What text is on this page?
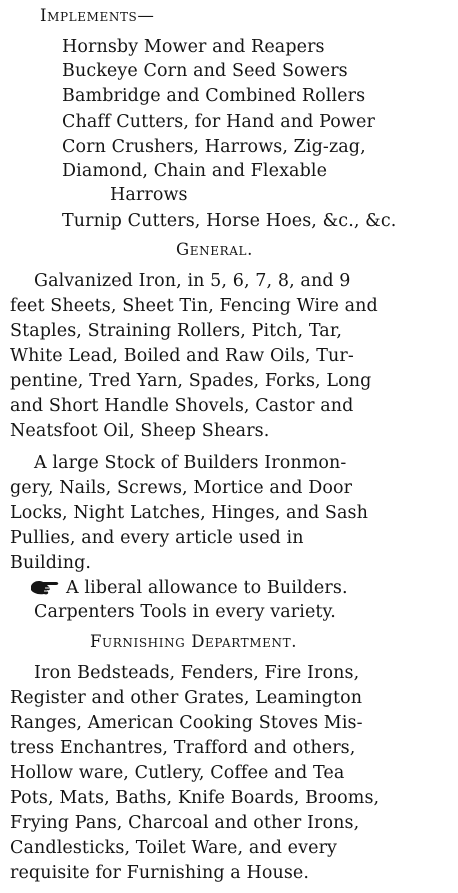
Implements—
Hornsby Mower and Reapers
Buckeye Corn and Seed Sowers
Bambridge and Combined Rollers
Chaff Cutters, for Hand and Power
Corn Crushers, Harrows, Zig-zag,
Diamond, Chain and Flexable
Harrows
Turnip Cutters, Horse Hoes, &c., &c.
General.
Galvanized Iron, in 5, 6, 7, 8, and 9
feet Sheets, Sheet Tin, Fencing Wire and
Staples, Straining Rollers, Pitch, Tar,
White Lead, Boiled and Raw Oils, Tur-
pentine, Tred Yarn, Spades, Forks, Long
and Short Handle Shovels, Castor and
Neatsfoot Oil, Sheep Shears.
A large Stock of Builders Ironmon-
gery, Nails, Screws, Mortice and Door
Locks, Night Latches, Hinges, and Sash
Pullies, and every article used in
Building.
A liberal allowance to Builders.
Carpenters Tools in every variety.
Furnishing Department.
Iron Bedsteads, Fenders, Fire Irons,
Register and other Grates, Leamington
Ranges, American Cooking Stoves Mis-
tress Enchantres, Trafford and others,
Hollow ware, Cutlery, Coffee and Tea
Pots, Mats, Baths, Knife Boards, Brooms,
Frying Pans, Charcoal and other Irons,
Candlesticks, Toilet Ware, and every
requisite for Furnishing a House.
